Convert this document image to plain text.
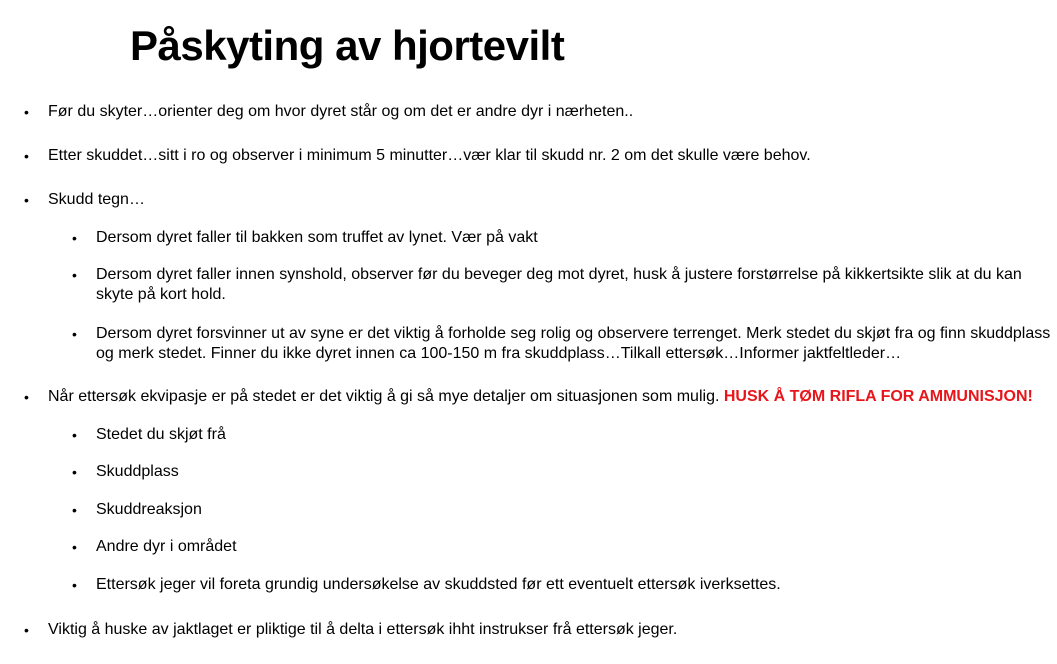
Påskyting av hjortevilt
• Før du skyter…orienter deg om hvor dyret står og om det er andre dyr i nærheten..
• Etter skuddet…sitt i ro og observer i minimum 5 minutter…vær klar til skudd nr. 2 om det skulle være behov.
• Skudd tegn…
• Dersom dyret faller til bakken som truffet av lynet. Vær på vakt
• Dersom dyret faller innen synshold, observer før du beveger deg mot dyret, husk å justere forstørrelse på kikkertsikte slik at du kan skyte på kort hold.
• Dersom dyret forsvinner ut av syne er det viktig å forholde seg rolig og observere terrenget. Merk stedet du skjøt fra og finn skuddplass og merk stedet. Finner du ikke dyret innen ca 100-150 m fra skuddplass…Tilkall ettersøk…Informer jaktfeltleder…
• Når ettersøk ekvipasje er på stedet er det viktig å gi så mye detaljer om situasjonen som mulig. HUSK Å TØM RIFLA FOR AMMUNISJON!
• Stedet du skjøt frå
• Skuddplass
• Skuddreaksjon
• Andre dyr i området
• Ettersøk jeger vil foreta grundig undersøkelse av skuddsted før ett eventuelt ettersøk iverksettes.
• Viktig å huske av jaktlaget er pliktige til å delta i ettersøk ihht instrukser frå ettersøk jeger.
